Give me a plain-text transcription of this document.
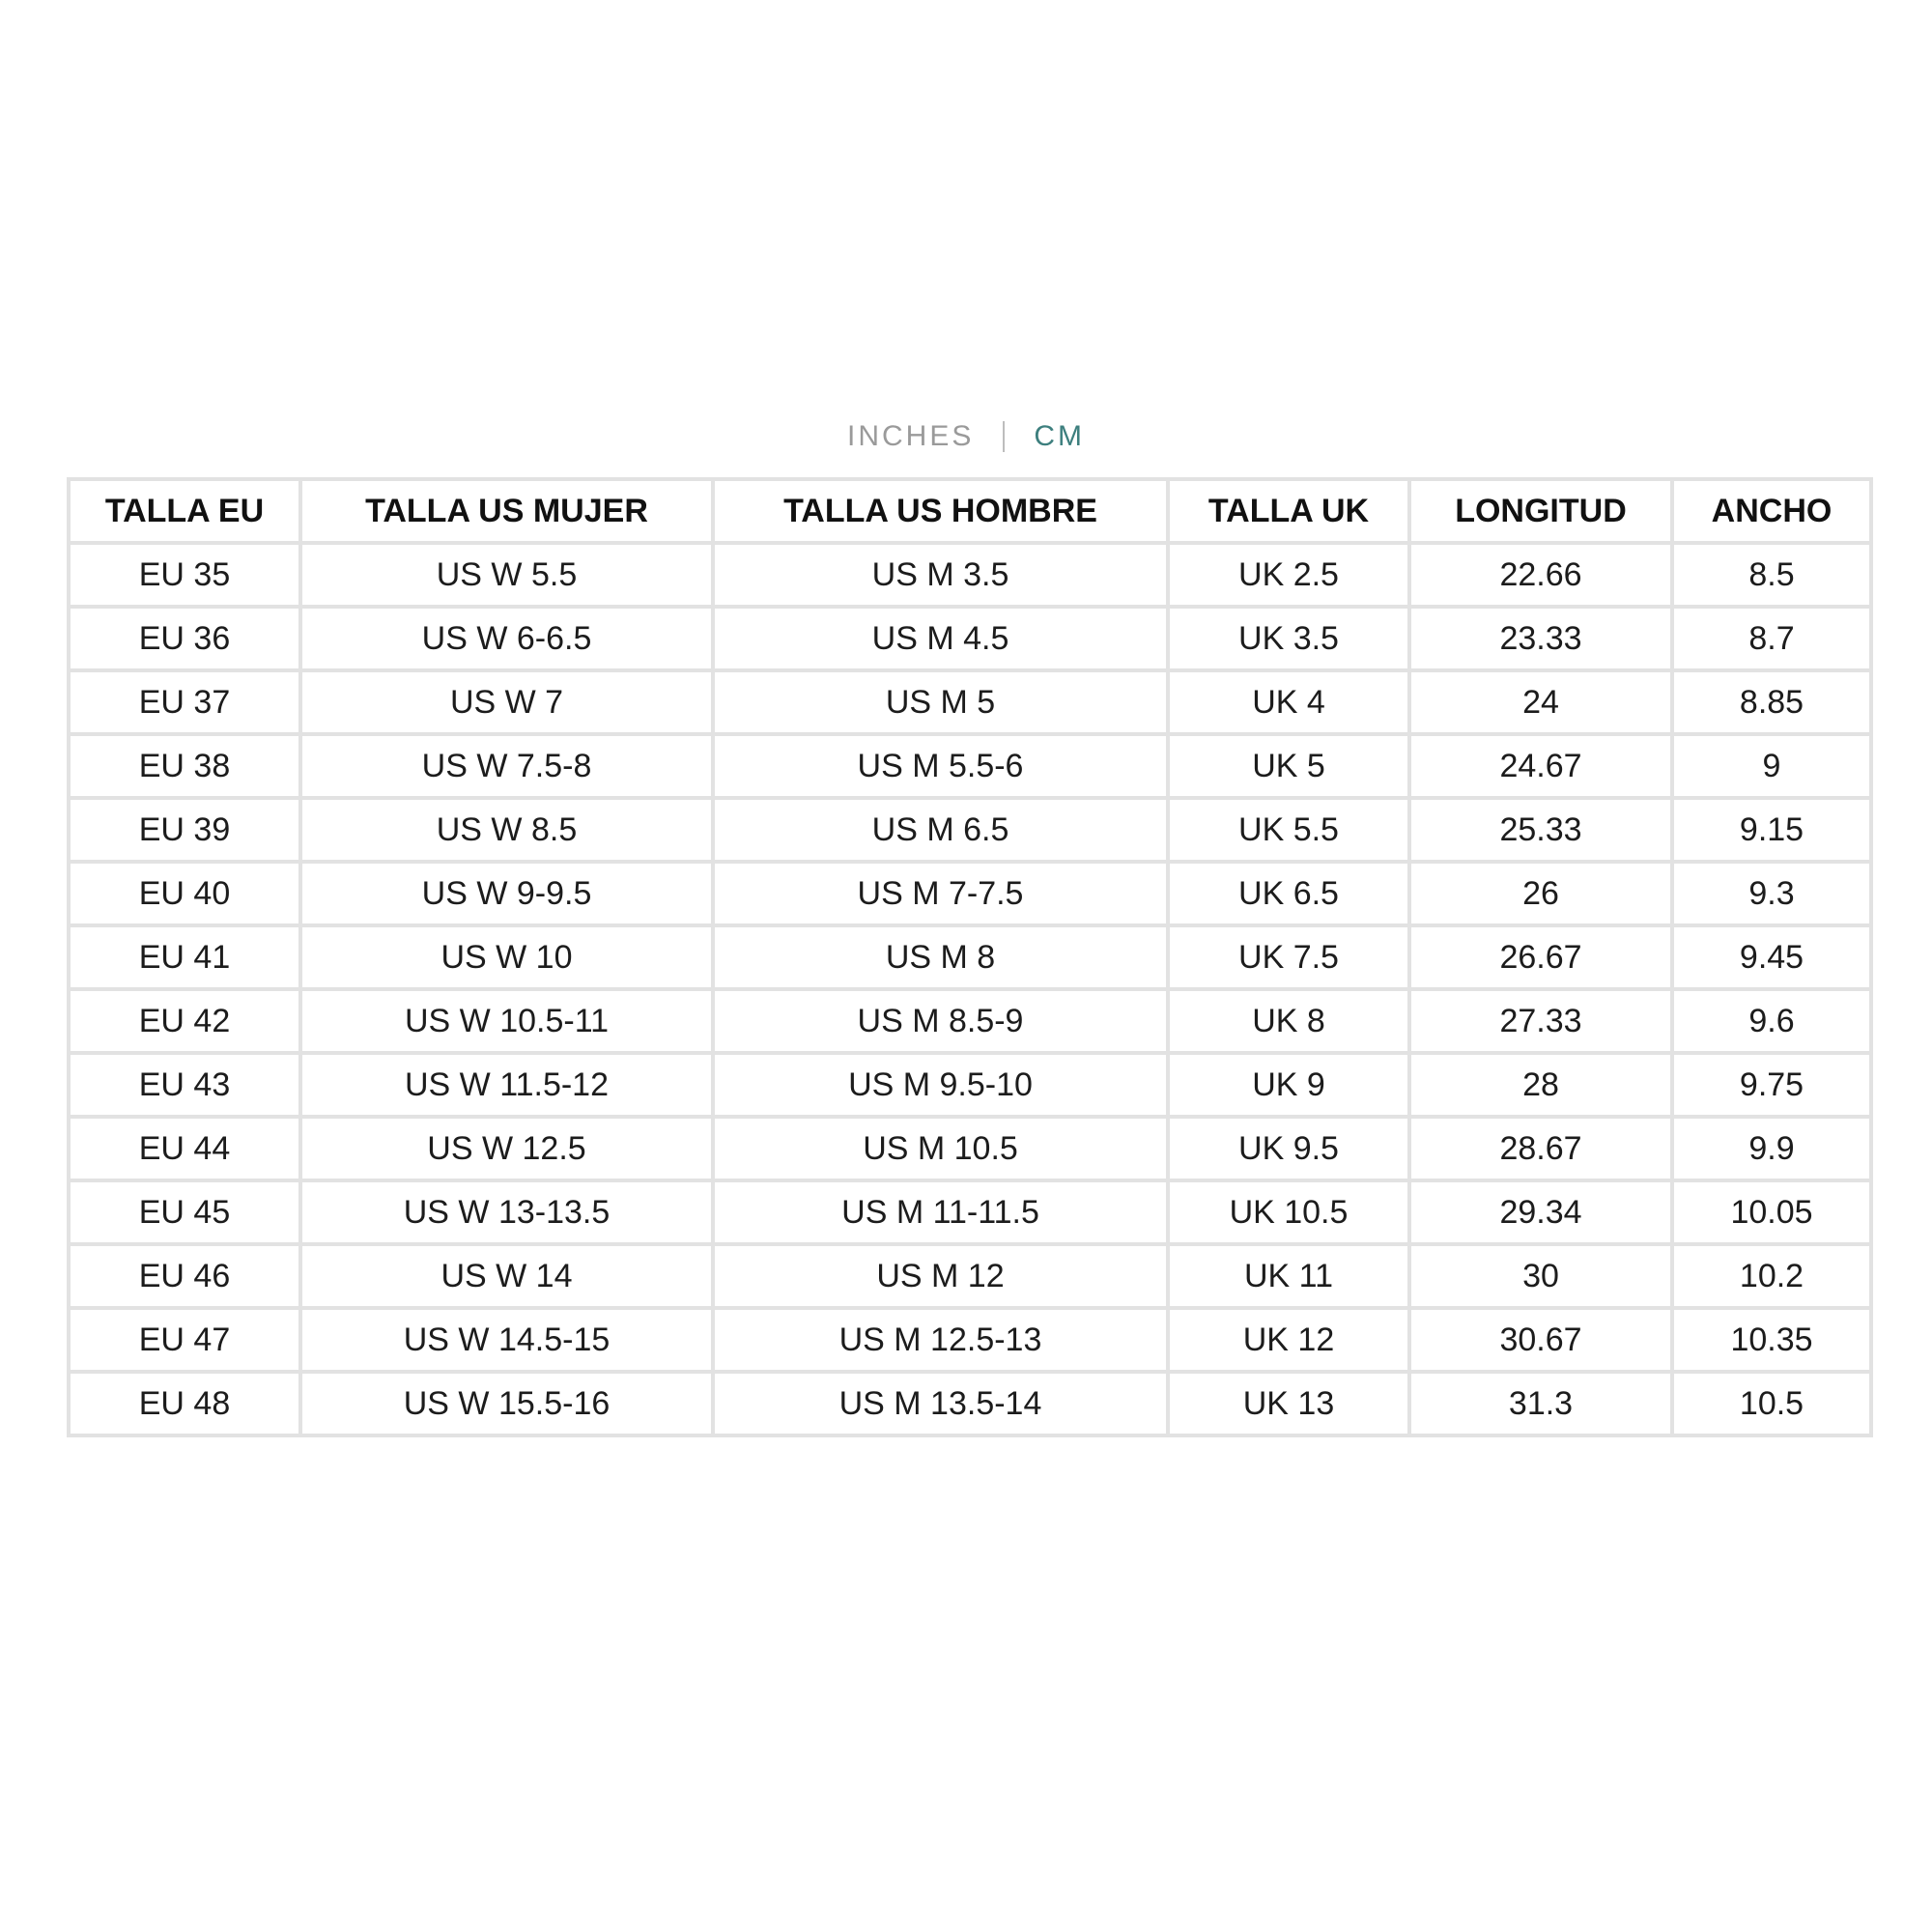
INCHES CM
TALLA EU	TALLA US MUJER	TALLA US HOMBRE	TALLA UK	LONGITUD	ANCHO
EU 35	US W 5.5	US M 3.5	UK 2.5	22.66	8.5
EU 36	US W 6-6.5	US M 4.5	UK 3.5	23.33	8.7
EU 37	US W 7	US M 5	UK 4	24	8.85
EU 38	US W 7.5-8	US M 5.5-6	UK 5	24.67	9
EU 39	US W 8.5	US M 6.5	UK 5.5	25.33	9.15
EU 40	US W 9-9.5	US M 7-7.5	UK 6.5	26	9.3
EU 41	US W 10	US M 8	UK 7.5	26.67	9.45
EU 42	US W 10.5-11	US M 8.5-9	UK 8	27.33	9.6
EU 43	US W 11.5-12	US M 9.5-10	UK 9	28	9.75
EU 44	US W 12.5	US M 10.5	UK 9.5	28.67	9.9
EU 45	US W 13-13.5	US M 11-11.5	UK 10.5	29.34	10.05
EU 46	US W 14	US M 12	UK 11	30	10.2
EU 47	US W 14.5-15	US M 12.5-13	UK 12	30.67	10.35
EU 48	US W 15.5-16	US M 13.5-14	UK 13	31.3	10.5
